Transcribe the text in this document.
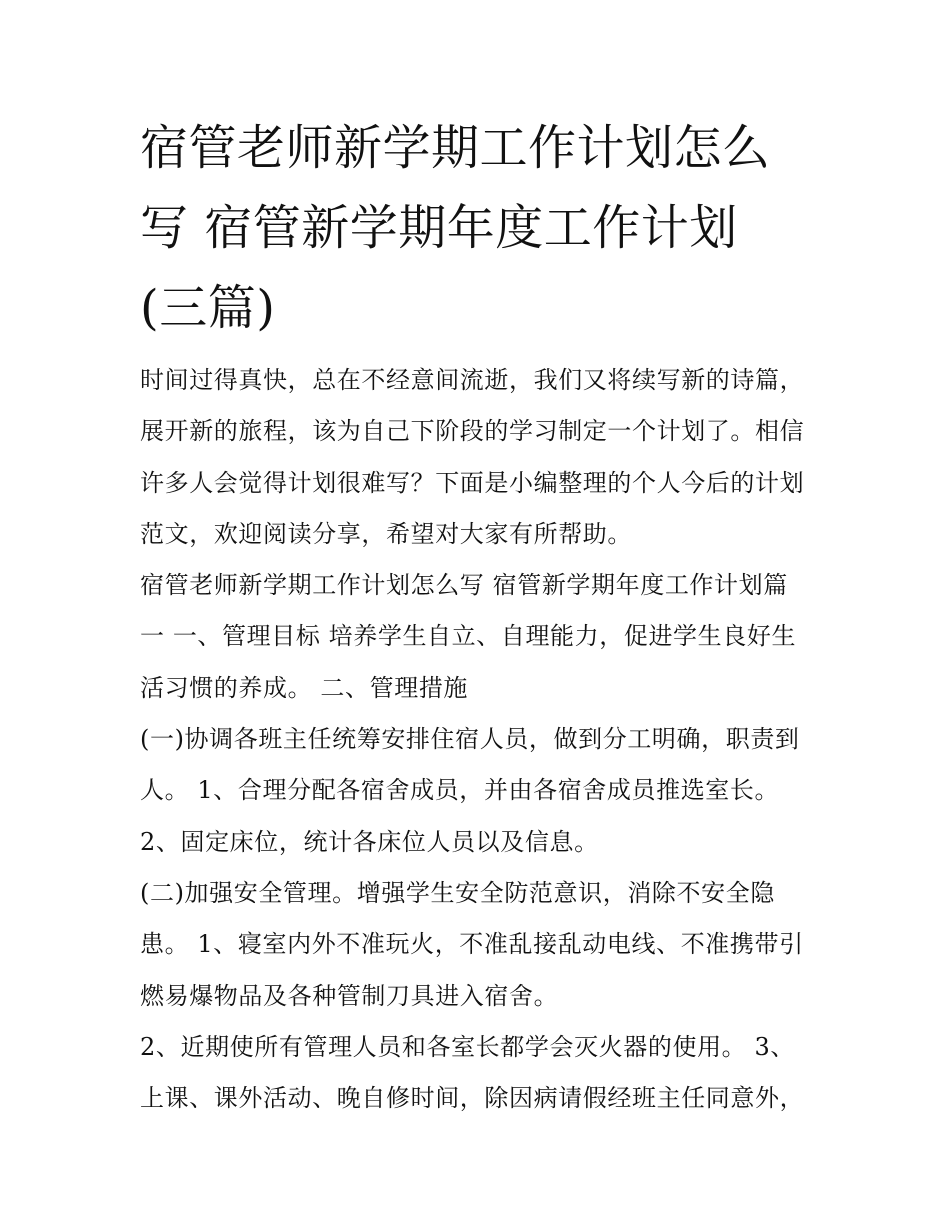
宿管老师新学期工作计划怎么
写 宿管新学期年度工作计划
(三篇)
时间过得真快，总在不经意间流逝，我们又将续写新的诗篇，
展开新的旅程，该为自己下阶段的学习制定一个计划了。相信
许多人会觉得计划很难写？下面是小编整理的个人今后的计划
范文，欢迎阅读分享，希望对大家有所帮助。
宿管老师新学期工作计划怎么写 宿管新学期年度工作计划篇
一 一、管理目标 培养学生自立、自理能力，促进学生良好生
活习惯的养成。 二、管理措施
(一)协调各班主任统筹安排住宿人员，做到分工明确，职责到
人。 1、合理分配各宿舍成员，并由各宿舍成员推选室长。
2、固定床位，统计各床位人员以及信息。
(二)加强安全管理。增强学生安全防范意识，消除不安全隐
患。 1、寝室内外不准玩火，不准乱接乱动电线、不准携带引
燃易爆物品及各种管制刀具进入宿舍。
2、近期使所有管理人员和各室长都学会灭火器的使用。 3、
上课、课外活动、晚自修时间，除因病请假经班主任同意外，
